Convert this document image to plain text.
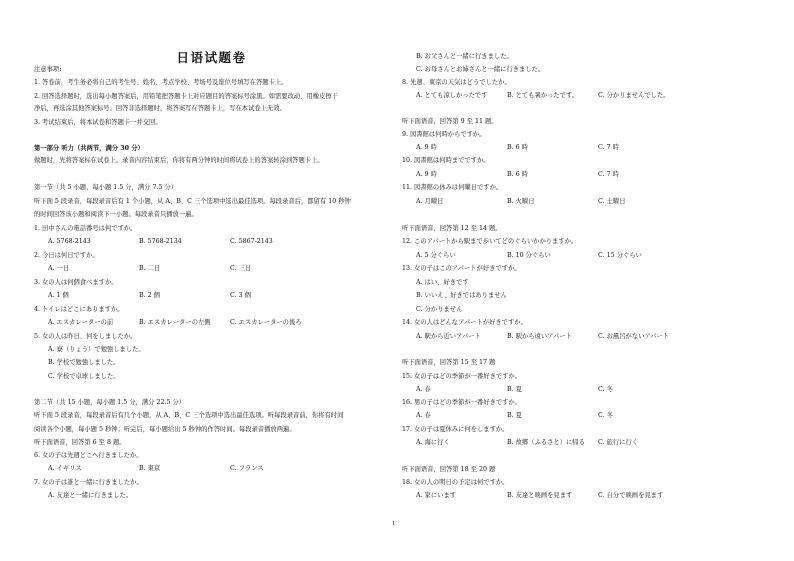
日语试题卷
注意事项:
1. 答卷前，考生务必将自己的考生号、姓名、考点学校、考场号及座位号填写在答题卡上。
2. 回答选择题时，选出每小题答案后，用铅笔把答题卡上对应题目的答案标号涂黑。如需要改动，用橡皮擦干
净后，再选涂其他答案标号。回答非选择题时，将答案写在答题卡上，写在本试卷上无效。
3. 考试结束后，将本试卷和答题卡一并交回。
第一部分 听力（共两节，满分 30 分）
做题时，先将答案标在试卷上。录音内容结束后，你将有两分钟的时间将试卷上的答案转涂到答题卡上。
第一节（共 5 小题，每小题 1.5 分，满分 7.5 分）
听下面 5 段录音，每段录音后有 1 个小题，从 A、B、C 三个选项中选出最佳选项。每段录音后，都留有 10 秒钟
的时间回答该小题和阅读下一小题。每段录音只播放一遍。
1. 田中さんの電話番号は何ですか。
A. 5768-2143	B. 5768-2134	C. 5867-2143
2. 今日は何日ですか。
A. 一日	B. 二日	C. 三日
3. 女の人は何個食べますか。
A. 1 個	B. 2 個	C. 3 個
4. トイレはどこにありますか。
A. エスカレーターの前	B. エスカレーターの左側	C. エスカレーターの後ろ
5. 女の人は昨日、何をしましたか。
A. 寮（りょう）で勉強しました。
B. 学校で勉強しました。
C. 学校で卓球しました。
第二节（共 15 小题，每小题 1.5 分，满分 22.5 分）
听下面 5 段录音，每段录音后有几个小题，从 A、B、C 三个选项中选出最佳选项。听每段录音前，你将有时间
阅读各个小题，每小题 5 秒钟；听完后，每小题给出 5 秒钟的作答时间。每段录音播放两遍。
听下面语音，回答第 6 至 8 题。
6. 女の子は先週どこへ行きましたか。
A. イギリス	B. 東京	C. フランス
7. 女の子は誰と一緒に行きましたか。
A. 友達と一緒に行きました。
B. お父さんと一緒に行きました。
C. お母さんとお姉さんと一緒に行きました。
8. 先週、東京の天気はどうでしたか。
A. とても涼しかったです	B. とても暑かったです。	C. 分かりませんでした。
听下面语音，回答第 9 至 11 题。
9. 図書館は何時からですか。
A. 9 時	B. 6 時	C. 7 時
10. 図書館は何時までですか。
A. 9 時	B. 6 時	C. 7 時
11. 図書館の休みは何曜日ですか。
A. 月曜日	B. 火曜日	C. 土曜日
听下面语音，回答第 12 至 14 题。
12. このアパートから駅まで歩いてどのぐらいかかりますか。
A. 5 分ぐらい	B. 10 分ぐらい	C. 15 分ぐらい
13. 女の子はこのアパートが好きですか。
A. はい、好きです
B. いいえ、好きではありません
C. 分かりません
14. 女の人はどんなアパートが好きですか。
A. 駅から近いアパート	B. 駅から遠いアパート	C. お風呂がないアパート
听下面语音，回答第 15 至 17 题
15. 女の子はどの季節が一番好きですか。
A. 春	B. 夏	C. 冬
16. 男の子はどの季節が一番好きですか。
A. 春	B. 夏	C. 冬
17. 女の子は夏休みに何をしますか。
A. 海に行く	B. 故郷（ふるさと）に帰る C. 旅行に行く
听下面语音，回答第 18 至 20 题
18. 女の人の明日の予定は何ですか。
A. 家にいます	B. 友達と映画を見ます	C. 自分で映画を見ます
1
